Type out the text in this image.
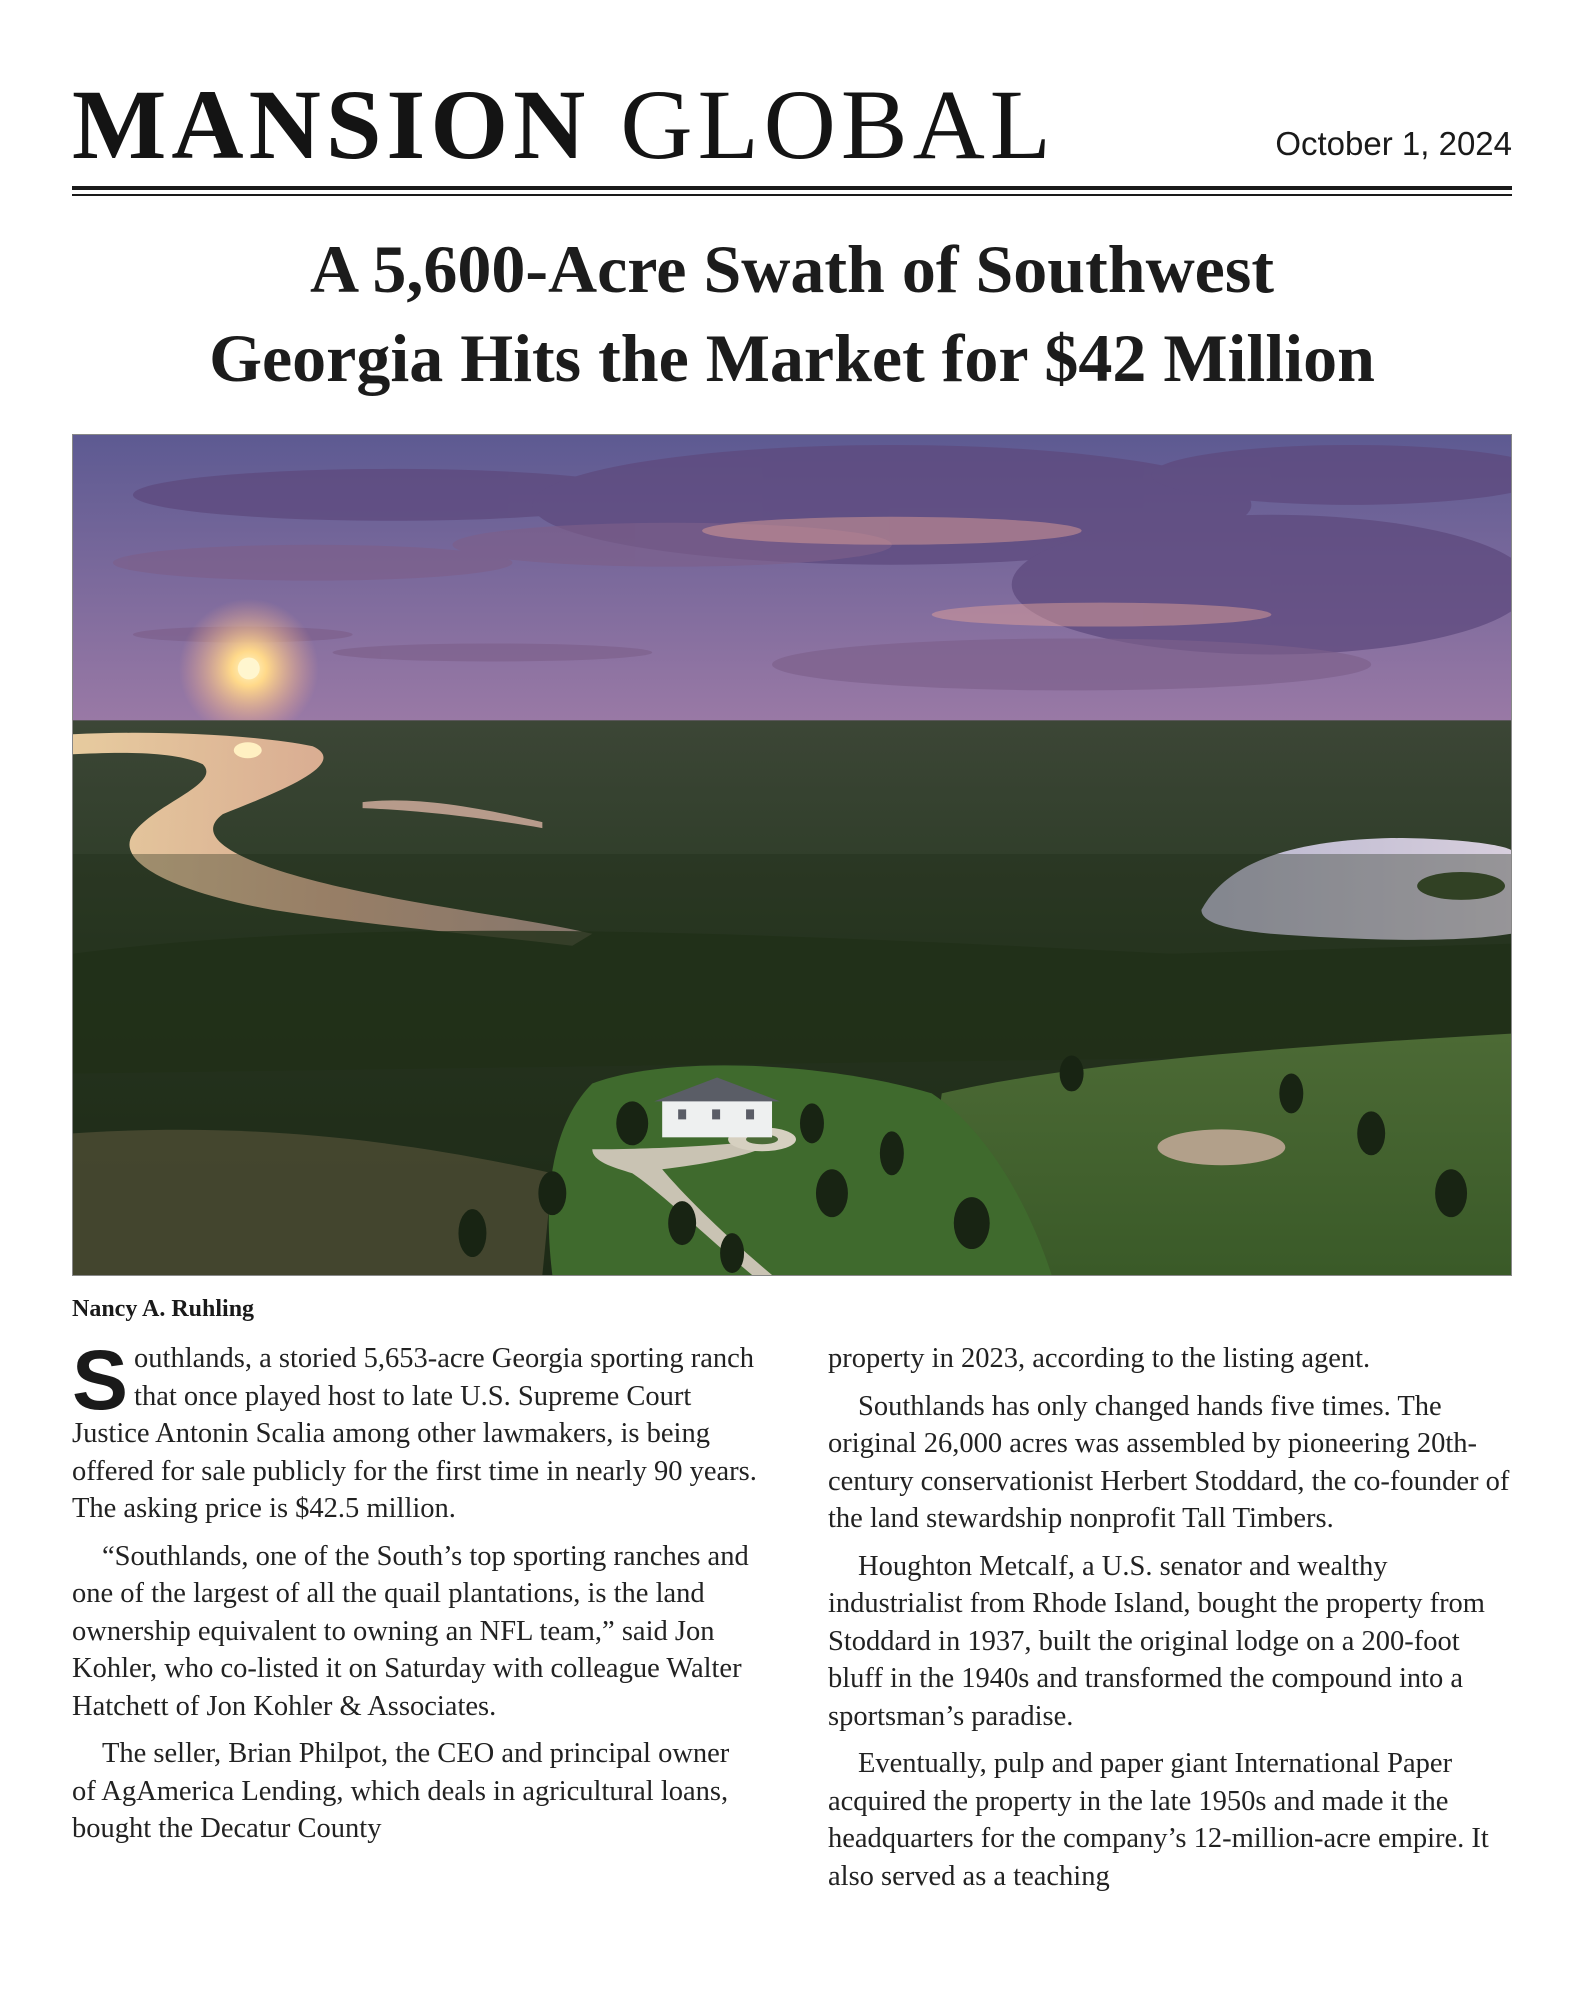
MANSION GLOBAL	October 1, 2024
A 5,600-Acre Swath of Southwest
Georgia Hits the Market for $42 Million
Nancy A. Ruhling

Southlands, a storied 5,653-acre Georgia sporting ranch that once played host to late U.S. Supreme Court Justice Antonin Scalia among other lawmakers, is being offered for sale publicly for the first time in nearly 90 years. The asking price is $42.5 million.

“Southlands, one of the South’s top sporting ranches and one of the largest of all the quail plantations, is the land ownership equivalent to owning an NFL team,” said Jon Kohler, who co-listed it on Saturday with colleague Walter Hatchett of Jon Kohler & Associates.

The seller, Brian Philpot, the CEO and principal owner of AgAmerica Lending, which deals in agricultural loans, bought the Decatur County

property in 2023, according to the listing agent.

Southlands has only changed hands five times. The original 26,000 acres was assembled by pioneering 20th-century conservationist Herbert Stoddard, the co-founder of the land stewardship nonprofit Tall Timbers.

Houghton Metcalf, a U.S. senator and wealthy industrialist from Rhode Island, bought the property from Stoddard in 1937, built the original lodge on a 200-foot bluff in the 1940s and transformed the compound into a sportsman’s paradise.

Eventually, pulp and paper giant International Paper acquired the property in the late 1950s and made it the headquarters for the company’s 12-million-acre empire. It also served as a teaching
